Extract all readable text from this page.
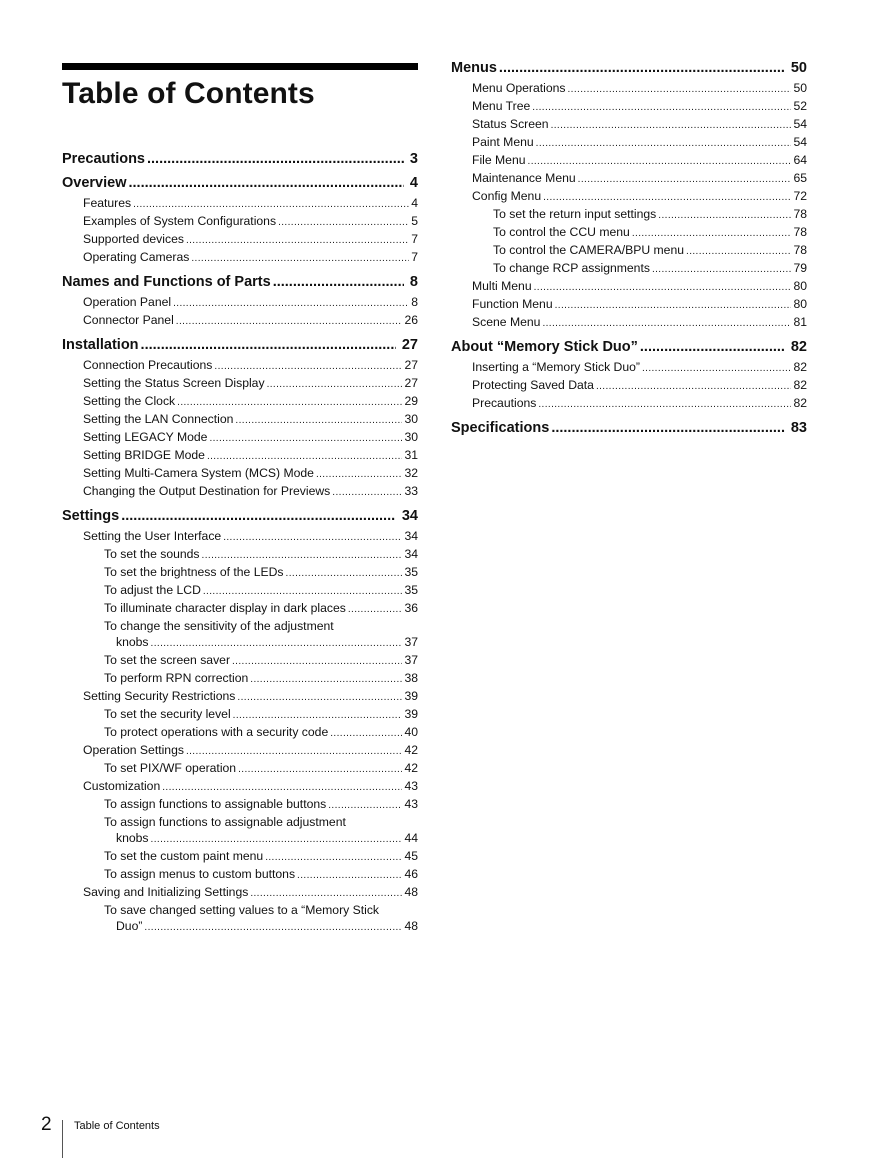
Table of Contents
Precautions .....	3
Overview .....	4
Features .....	4
Examples of System Configurations .....	5
Supported devices .....	7
Operating Cameras .....	7
Names and Functions of Parts .....	8
Operation Panel .....	8
Connector Panel .....	26
Installation .....	27
Connection Precautions .....	27
Setting the Status Screen Display .....	27
Setting the Clock .....	29
Setting the LAN Connection .....	30
Setting LEGACY Mode .....	30
Setting BRIDGE Mode .....	31
Setting Multi-Camera System (MCS) Mode .....	32
Changing the Output Destination for Previews .....	33
Settings .....	34
Setting the User Interface .....	34
To set the sounds .....	34
To set the brightness of the LEDs .....	35
To adjust the LCD .....	35
To illuminate character display in dark places .....	36
To change the sensitivity of the adjustment
knobs .....	37
To set the screen saver .....	37
To perform RPN correction .....	38
Setting Security Restrictions .....	39
To set the security level .....	39
To protect operations with a security code .....	40
Operation Settings .....	42
To set PIX/WF operation .....	42
Customization .....	43
To assign functions to assignable buttons .....	43
To assign functions to assignable adjustment
knobs .....	44
To set the custom paint menu .....	45
To assign menus to custom buttons .....	46
Saving and Initializing Settings .....	48
To save changed setting values to a “Memory Stick
Duo” .....	48
Menus .....	50
Menu Operations .....	50
Menu Tree .....	52
Status Screen .....	54
Paint Menu .....	54
File Menu .....	64
Maintenance Menu .....	65
Config Menu .....	72
To set the return input settings .....	78
To control the CCU menu .....	78
To control the CAMERA/BPU menu .....	78
To change RCP assignments .....	79
Multi Menu .....	80
Function Menu .....	80
Scene Menu .....	81
About “Memory Stick Duo” .....	82
Inserting a “Memory Stick Duo” .....	82
Protecting Saved Data .....	82
Precautions .....	82
Specifications .....	83
2 Table of Contents
